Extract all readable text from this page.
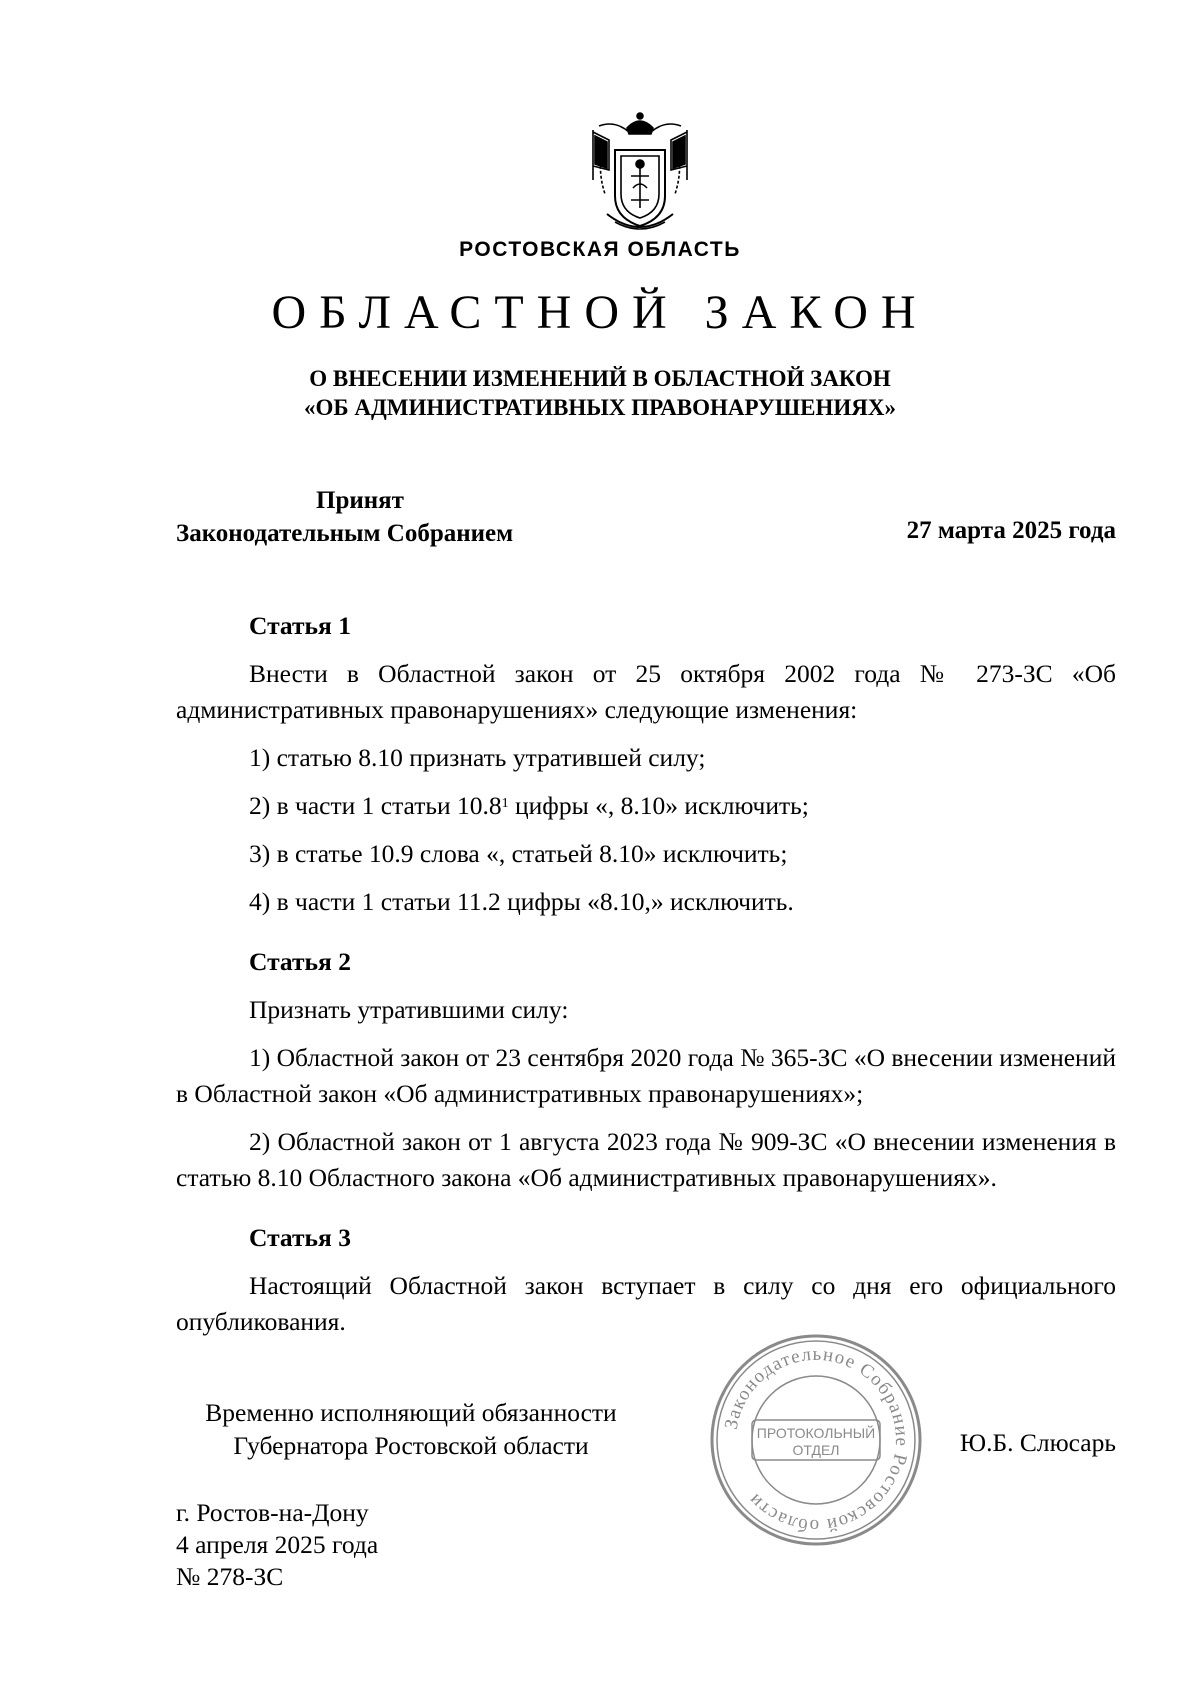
РОСТОВСКАЯ ОБЛАСТЬ
ОБЛАСТНОЙ ЗАКОН
О ВНЕСЕНИИ ИЗМЕНЕНИЙ В ОБЛАСТНОЙ ЗАКОН
«ОБ АДМИНИСТРАТИВНЫХ ПРАВОНАРУШЕНИЯХ»
Принят
Законодательным Собранием	27 марта 2025 года

Статья 1

Внести в Областной закон от 25 октября 2002 года № 273-ЗС «Об административных правонарушениях» следующие изменения:

1) статью 8.10 признать утратившей силу;

2) в части 1 статьи 10.8$^1$ цифры «, 8.10» исключить;

3) в статье 10.9 слова «, статьей 8.10» исключить;

4) в части 1 статьи 11.2 цифры «8.10,» исключить.

Статья 2

Признать утратившими силу:

1) Областной закон от 23 сентября 2020 года № 365-ЗС «О внесении изменений в Областной закон «Об административных правонарушениях»;

2) Областной закон от 1 августа 2023 года № 909-ЗС «О внесении изменения в статью 8.10 Областного закона «Об административных правонарушениях».

Статья 3

Настоящий Областной закон вступает в силу со дня его официального опубликования.

Временно исполняющий обязанности
Губернатора Ростовской области
Законодательное Собрание Ростовской области
ПРОТОКОЛЬНЫЙ
ОТДЕЛ	Ю.Б. Слюсарь
г. Ростов-на-Дону
4 апреля 2025 года
№ 278-ЗС
